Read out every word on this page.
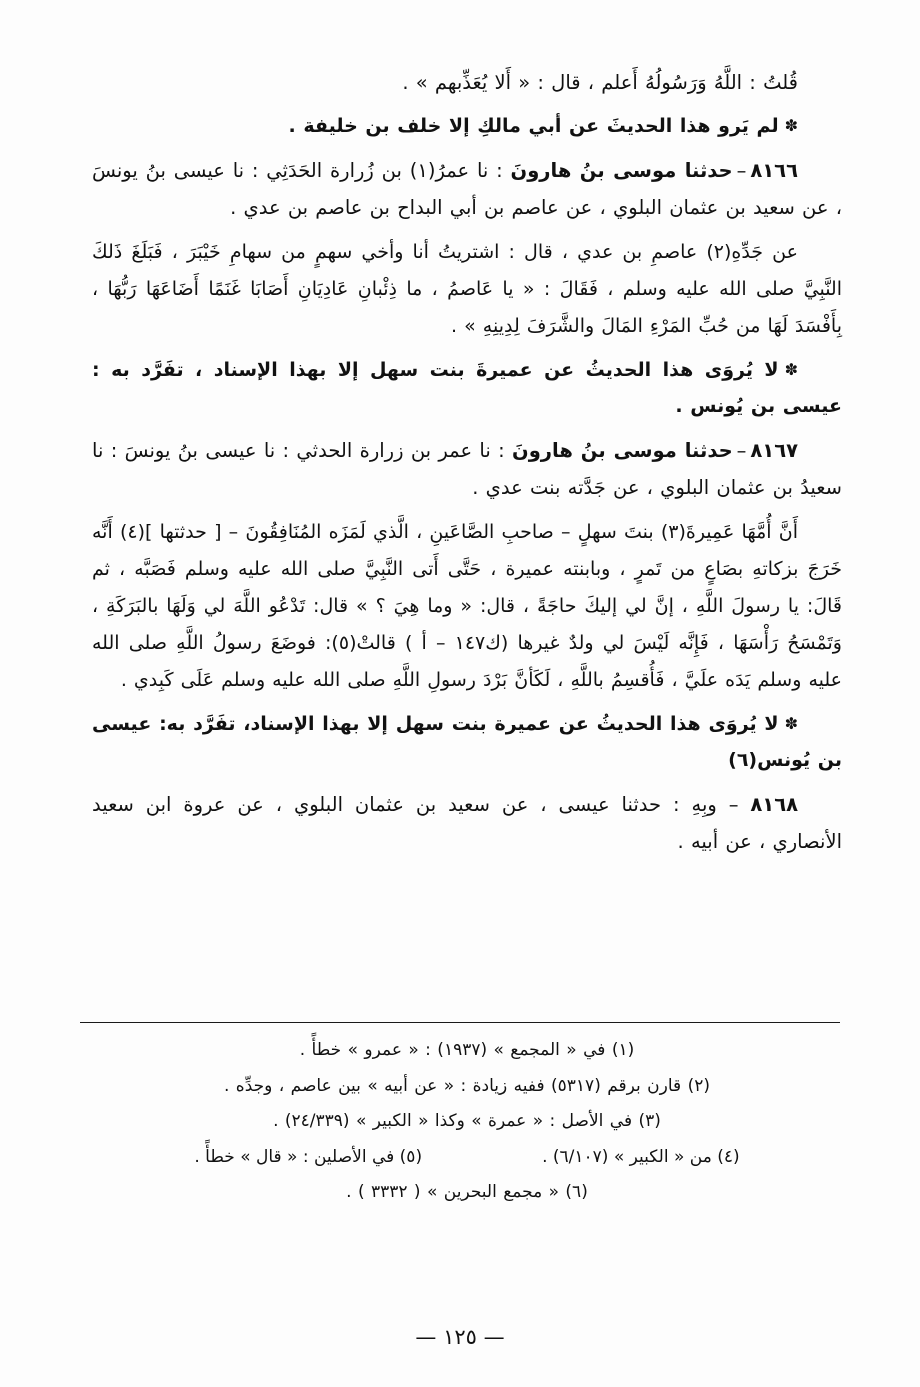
قُلتُ : اللَّهُ وَرَسُولُهُ أَعلم ، قال : « أَلا يُعَذِّبهم » .

✽لم يَرو هذا الحديثَ عن أبي مالكِ إلا خلف بن خليفة .

٨١٦٦–حدثنا موسى بنُ هارونَ : نا عمرُ(١) بن زُرارة الحَدَثِي : نا عيسى بنُ يونسَ ، عن سعيد بن عثمان البلوي ، عن عاصم بن أبي البداح بن عاصم بن عدي .

عن جَدِّهِ(٢) عاصمِ بن عدي ، قال : اشتريتُ أنا وأخي سهمٍ من سهامِ خَيْبَرَ ، فَبَلَغَ ذَلكَ النَّبِيَّ صلى الله عليه وسلم ، فَقَالَ : « يا عَاصمُ ، ما ذِئْبانِ عَادِيَانِ أَصَابَا غَنَمًا أَضَاعَهَا رَبُّهَا ، بِأَفْسَدَ لَهَا من حُبِّ المَرْءِ المَالَ والشَّرَفَ لِدِينِهِ » .

✽لا يُروَى هذا الحديثُ عن عميرةَ بنت سهل إلا بهذا الإسناد ، تفَرَّد به : عيسى بن يُونس .

٨١٦٧–حدثنا موسى بنُ هارونَ : نا عمر بن زرارة الحدثي : نا عيسى بنُ يونسَ : نا سعيدُ بن عثمان البلوي ، عن جَدَّته بنت عدي .

أَنَّ أُمَّهَا عَمِيرةَ(٣) بنتَ سهلٍ – صاحبِ الصَّاعَينِ ، الَّذي لَمَزَه المُنَافِقُونَ – [ حدثتها ](٤) أَنَّه خَرَجَ بزكاتهِ بصَاعٍ من تَمرٍ ، وبابنته عميرة ، حَتَّى أَتى النَّبِيَّ صلى الله عليه وسلم فَصَبَّه ، ثم قَالَ: يا رسولَ اللَّهِ ، إنَّ لي إليكَ حاجَةً ، قال: « وما هِيَ ؟ » قال: تَدْعُو اللَّهَ لي وَلَهَا بالبَرَكَةِ ، وَتَمْسَحُ رَأْسَهَا ، فَإِنَّه لَيْسَ لي ولدٌ غيرها (ك١٤٧ – أ ) قالتْ(٥): فوضَعَ رسولُ اللَّهِ صلى الله عليه وسلم يَدَه علَيَّ ، فَأُقسِمُ باللَّهِ ، لَكَأنَّ بَرْدَ رسولِ اللَّهِ صلى الله عليه وسلم عَلَى كَبِدي .

✽لا يُروَى هذا الحديثُ عن عميرة بنت سهل إلا بهذا الإسناد، تفَرَّد به: عيسى بن يُونس(٦)

٨١٦٨ – وبِهِ : حدثنا عيسى ، عن سعيد بن عثمان البلوي ، عن عروة ابن سعيد الأنصاري ، عن أبيه .

(١) في « المجمع » (١٩٣٧) : « عمرو » خطأً .

(٢) قارن برقم (٥٣١٧) ففيه زيادة : « عن أبيه » بين عاصم ، وجدِّه .

(٣) في الأصل : « عمرة » وكذا « الكبير » (٢٤/٣٣٩) .

(٤) من « الكبير » (٦/١٠٧) .
(٥) في الأصلين : « قال » خطأً .

(٦) « مجمع البحرين » ( ٣٣٣٢ ) .

— ١٢٥ —
